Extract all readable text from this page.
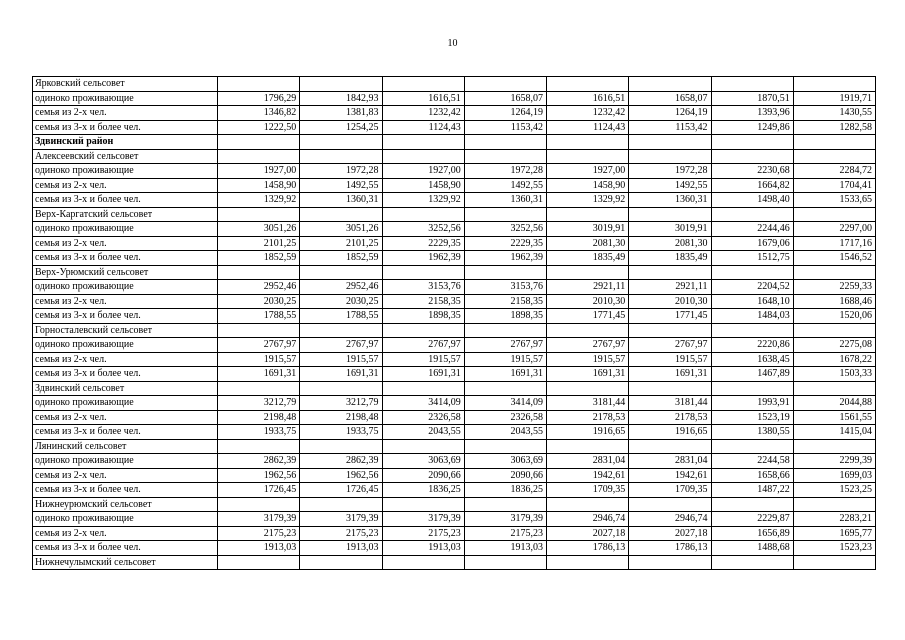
10
Ярковский сельсовет								
одиноко проживающие	1796,29	1842,93	1616,51	1658,07	1616,51	1658,07	1870,51	1919,71
семья из 2-х чел.	1346,82	1381,83	1232,42	1264,19	1232,42	1264,19	1393,96	1430,55
семья из 3-х и более чел.	1222,50	1254,25	1124,43	1153,42	1124,43	1153,42	1249,86	1282,58
Здвинский район								
Алексеевский сельсовет								
одиноко проживающие	1927,00	1972,28	1927,00	1972,28	1927,00	1972,28	2230,68	2284,72
семья из 2-х чел.	1458,90	1492,55	1458,90	1492,55	1458,90	1492,55	1664,82	1704,41
семья из 3-х и более чел.	1329,92	1360,31	1329,92	1360,31	1329,92	1360,31	1498,40	1533,65
Верх-Каргатский сельсовет								
одиноко проживающие	3051,26	3051,26	3252,56	3252,56	3019,91	3019,91	2244,46	2297,00
семья из 2-х чел.	2101,25	2101,25	2229,35	2229,35	2081,30	2081,30	1679,06	1717,16
семья из 3-х и более чел.	1852,59	1852,59	1962,39	1962,39	1835,49	1835,49	1512,75	1546,52
Верх-Урюмский сельсовет								
одиноко проживающие	2952,46	2952,46	3153,76	3153,76	2921,11	2921,11	2204,52	2259,33
семья из 2-х чел.	2030,25	2030,25	2158,35	2158,35	2010,30	2010,30	1648,10	1688,46
семья из 3-х и более чел.	1788,55	1788,55	1898,35	1898,35	1771,45	1771,45	1484,03	1520,06
Горносталевский сельсовет								
одиноко проживающие	2767,97	2767,97	2767,97	2767,97	2767,97	2767,97	2220,86	2275,08
семья из 2-х чел.	1915,57	1915,57	1915,57	1915,57	1915,57	1915,57	1638,45	1678,22
семья из 3-х и более чел.	1691,31	1691,31	1691,31	1691,31	1691,31	1691,31	1467,89	1503,33
Здвинский сельсовет								
одиноко проживающие	3212,79	3212,79	3414,09	3414,09	3181,44	3181,44	1993,91	2044,88
семья из 2-х чел.	2198,48	2198,48	2326,58	2326,58	2178,53	2178,53	1523,19	1561,55
семья из 3-х и более чел.	1933,75	1933,75	2043,55	2043,55	1916,65	1916,65	1380,55	1415,04
Лянинский сельсовет								
одиноко проживающие	2862,39	2862,39	3063,69	3063,69	2831,04	2831,04	2244,58	2299,39
семья из 2-х чел.	1962,56	1962,56	2090,66	2090,66	1942,61	1942,61	1658,66	1699,03
семья из 3-х и более чел.	1726,45	1726,45	1836,25	1836,25	1709,35	1709,35	1487,22	1523,25
Нижнеурюмский сельсовет								
одиноко проживающие	3179,39	3179,39	3179,39	3179,39	2946,74	2946,74	2229,87	2283,21
семья из 2-х чел.	2175,23	2175,23	2175,23	2175,23	2027,18	2027,18	1656,89	1695,77
семья из 3-х и более чел.	1913,03	1913,03	1913,03	1913,03	1786,13	1786,13	1488,68	1523,23
Нижнечулымский сельсовет								
